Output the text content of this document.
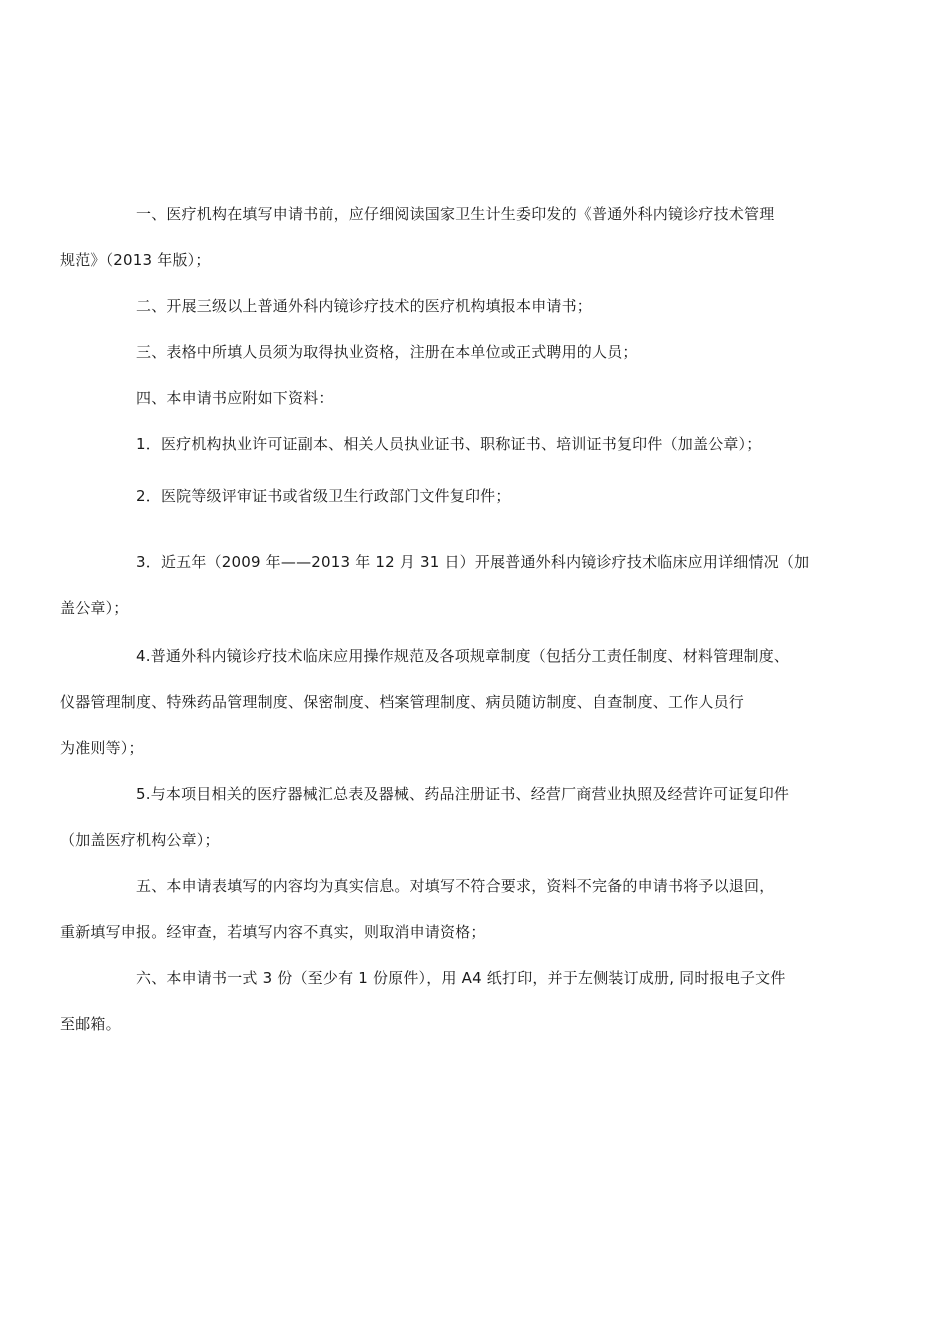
一、医疗机构在填写申请书前，应仔细阅读国家卫生计生委印发的《普通外科内镜诊疗技术管理
规范》（2013 年版）；

二、开展三级以上普通外科内镜诊疗技术的医疗机构填报本申请书；

三、表格中所填人员须为取得执业资格，注册在本单位或正式聘用的人员；

四、本申请书应附如下资料：

1．医疗机构执业许可证副本、相关人员执业证书、职称证书、培训证书复印件（加盖公章）；

2．医院等级评审证书或省级卫生行政部门文件复印件；

3．近五年（2009 年——2013 年 12 月 31 日）开展普通外科内镜诊疗技术临床应用详细情况（加
盖公章）；

4.普通外科内镜诊疗技术临床应用操作规范及各项规章制度（包括分工责任制度、材料管理制度、
仪器管理制度、特殊药品管理制度、保密制度、档案管理制度、病员随访制度、自查制度、工作人员行
为准则等）；

5.与本项目相关的医疗器械汇总表及器械、药品注册证书、经营厂商营业执照及经营许可证复印件
（加盖医疗机构公章）；

五、本申请表填写的内容均为真实信息。对填写不符合要求，资料不完备的申请书将予以退回，
重新填写申报。经审查，若填写内容不真实，则取消申请资格；

六、本申请书一式 3 份（至少有 1 份原件），用 A4 纸打印，并于左侧装订成册, 同时报电子文件
至邮箱。
